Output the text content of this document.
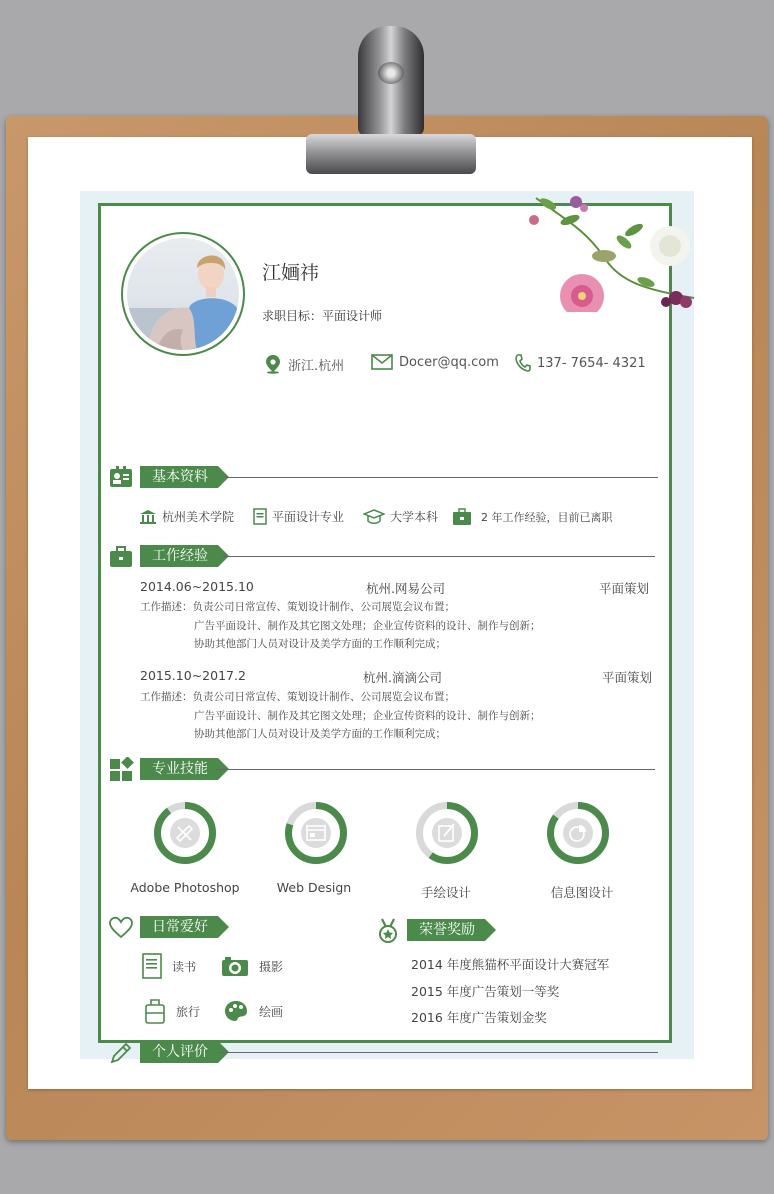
江婳祎
求职目标：平面设计师
浙江.杭州	Docer@qq.com	137- 7654- 4321
基本资料
杭州美术学院	平面设计专业	大学本科	2 年工作经验，目前已离职
工作经验
2014.06~2015.10	杭州.网易公司	平面策划
工作描述：负责公司日常宣传、策划设计制作、公司展览会议布置；
广告平面设计、制作及其它图文处理；企业宣传资料的设计、制作与创新；
协助其他部门人员对设计及美学方面的工作顺利完成；
2015.10~2017.2	杭州.滴滴公司	平面策划
工作描述：负责公司日常宣传、策划设计制作、公司展览会议布置；
广告平面设计、制作及其它图文处理；企业宣传资料的设计、制作与创新；
协助其他部门人员对设计及美学方面的工作顺利完成；
专业技能
Adobe Photoshop	Web Design	手绘设计	信息图设计
日常爱好
读书	摄影
旅行	绘画
荣誉奖励
2014 年度熊猫杯平面设计大赛冠军
2015 年度广告策划一等奖
2016 年度广告策划金奖
个人评价
